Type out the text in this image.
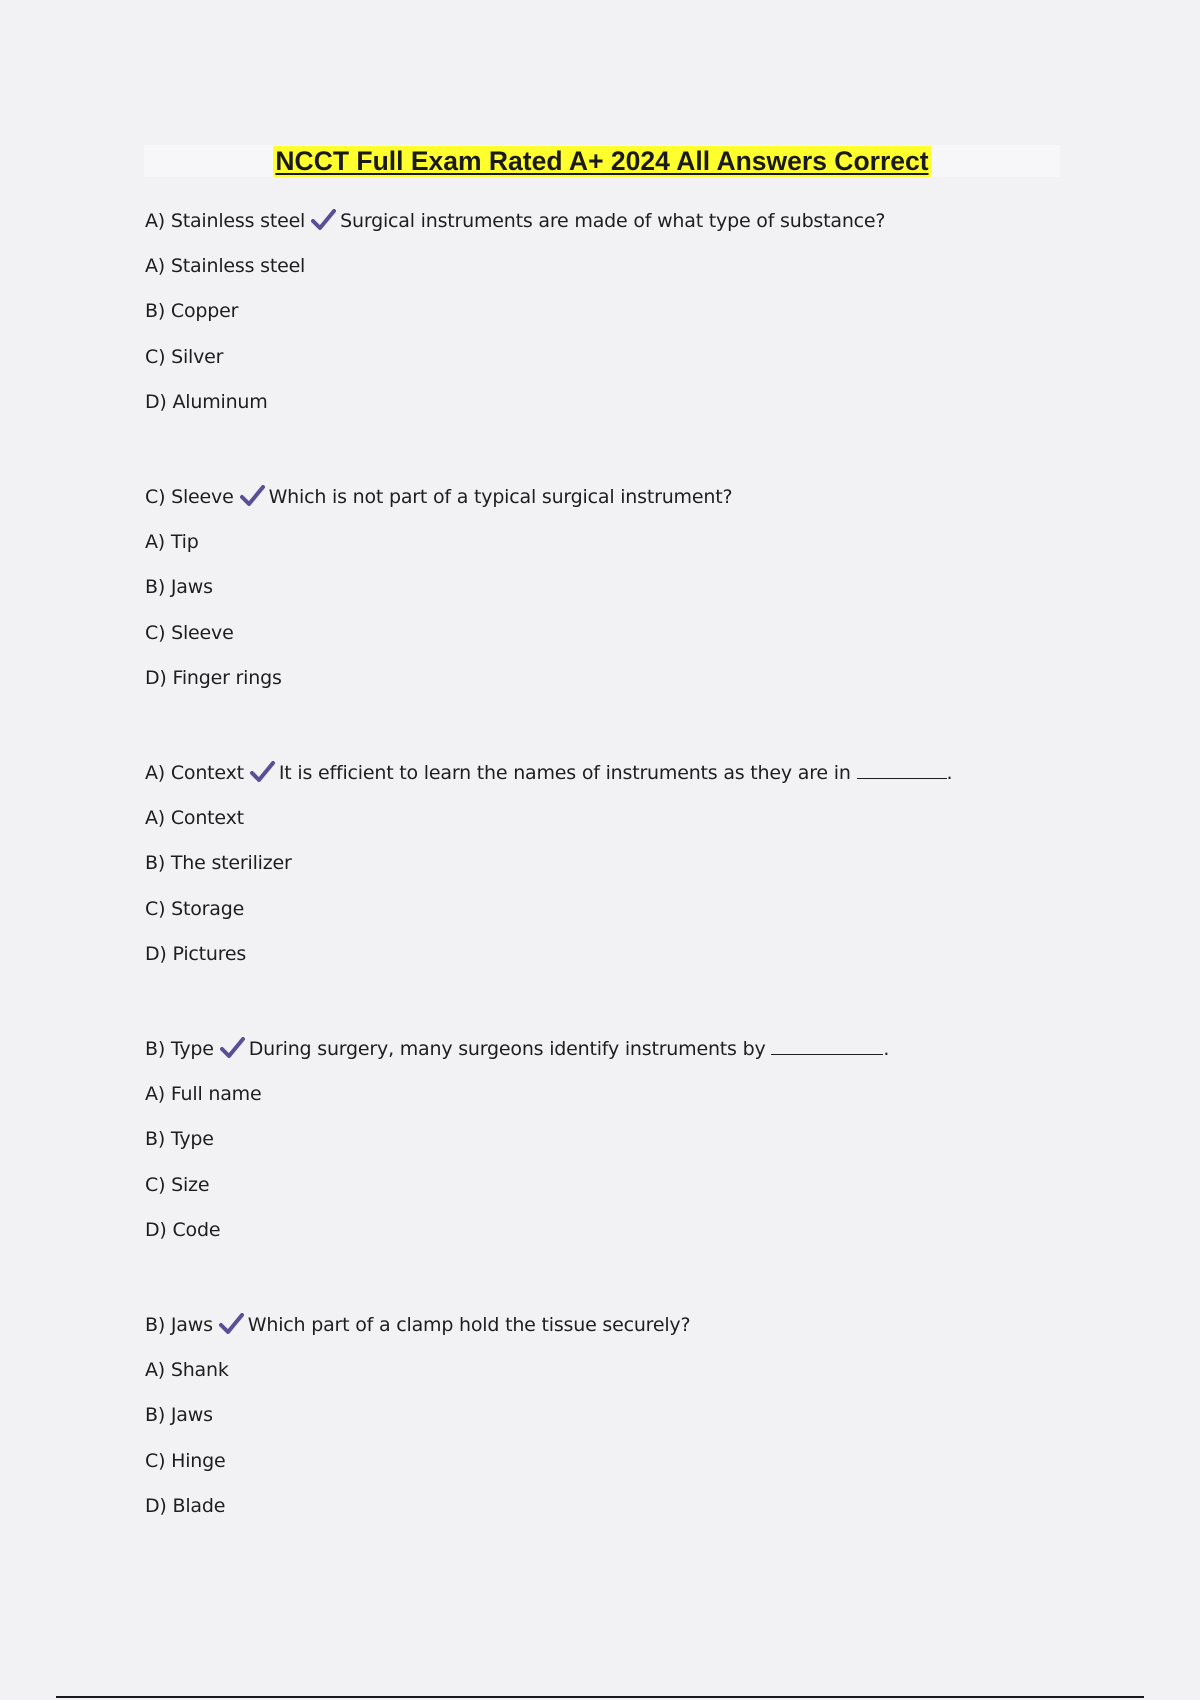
NCCT Full Exam Rated A+ 2024 All Answers Correct
A) Stainless steel Surgical instruments are made of what type of substance?
A) Stainless steel
B) Copper
C) Silver
D) Aluminum
C) Sleeve Which is not part of a typical surgical instrument?
A) Tip
B) Jaws
C) Sleeve
D) Finger rings
A) Context It is efficient to learn the names of instruments as they are in	.
A) Context
B) The sterilizer
C) Storage
D) Pictures
B) Type During surgery, many surgeons identify instruments by	.
A) Full name
B) Type
C) Size
D) Code
B) Jaws Which part of a clamp hold the tissue securely?
A) Shank
B) Jaws
C) Hinge
D) Blade
